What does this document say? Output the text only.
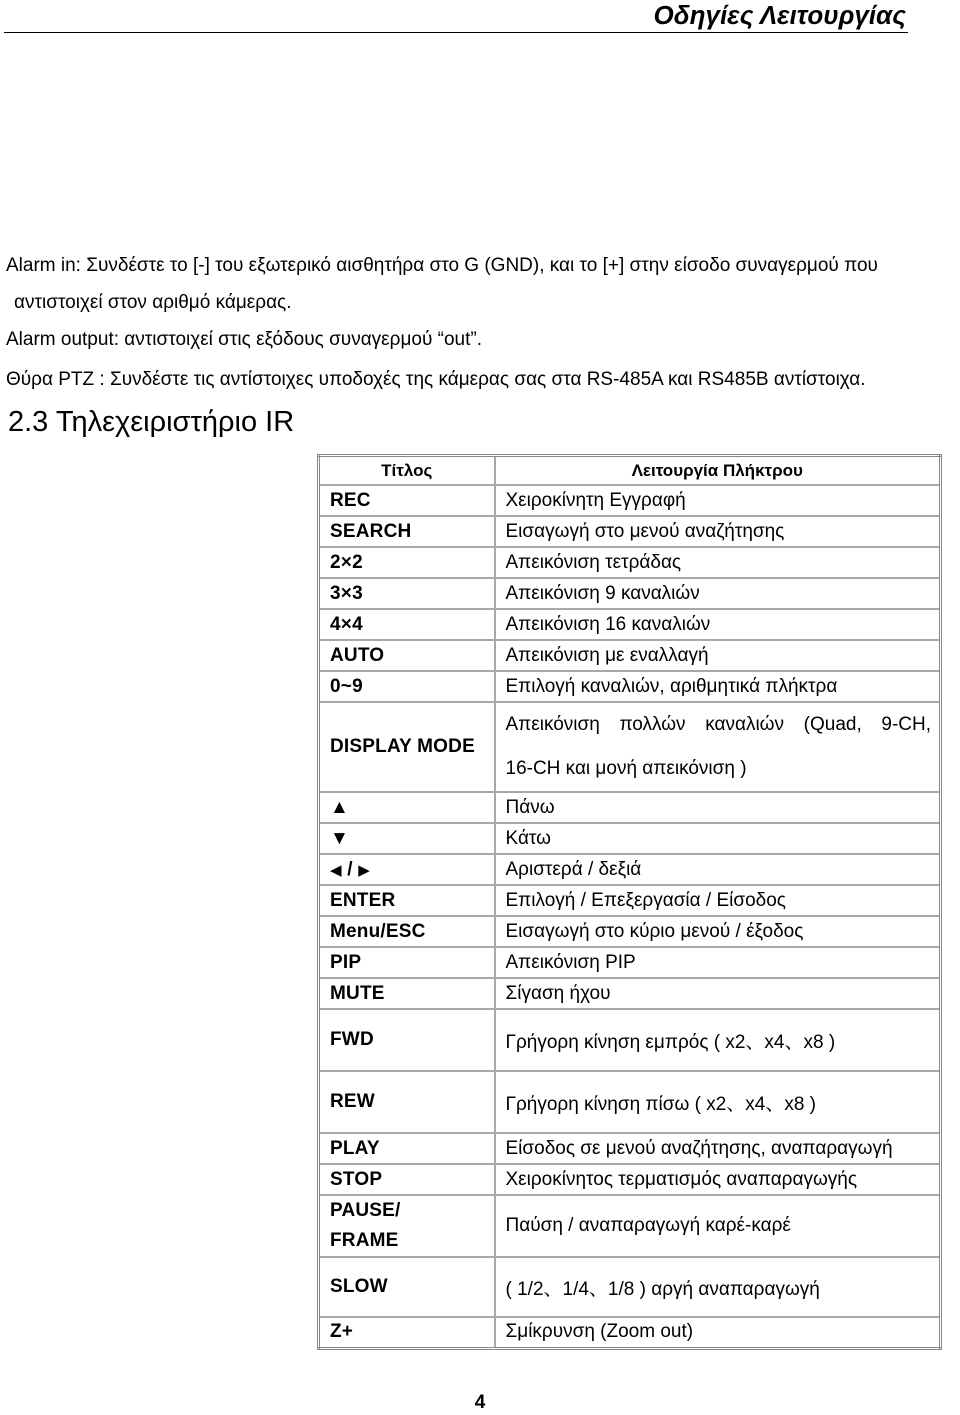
Οδηγίες Λειτουργίας
Alarm in: Συνδέστε το [-] του εξωτερικό αισθητήρα στο G (GND), και το [+] στην είσοδο συναγερμού που
αντιστοιχεί στον αριθμό κάμερας.
Alarm output: αντιστοιχεί στις εξόδους συναγερμού “out”.
Θύρα PTZ : Συνδέστε τις αντίστοιχες υποδοχές της κάμερας σας στα RS-485A και RS485B αντίστοιχα.
2.3 Τηλεχειριστήριο IR
Τίτλος	Λειτουργία Πλήκτρου
REC	Χειροκίνητη Εγγραφή
SEARCH	Εισαγωγή στο μενού αναζήτησης
2×2	Απεικόνιση τετράδας
3×3	Απεικόνιση 9 καναλιών
4×4	Απεικόνιση 16 καναλιών
AUTO	Απεικόνιση με εναλλαγή
0~9	Επιλογή καναλιών, αριθμητικά πλήκτρα
DISPLAY MODE	Απεικόνιση πολλών καναλιών (Quad, 9-CH,
16-CH και μονή απεικόνιση )

▲	Πάνω
▼	Κάτω
◀ / ▶	Αριστερά / δεξιά
ENTER	Επιλογή / Επεξεργασία / Είσοδος
Menu/ESC	Εισαγωγή στο κύριο μενού / έξοδος
PIP	Απεικόνιση PIP
MUTE	Σίγαση ήχου
FWD	Γρήγορη κίνηση εμπρός ( x2、x4、x8 )
REW	Γρήγορη κίνηση πίσω ( x2、x4、x8 )
PLAY	Είσοδος σε μενού αναζήτησης, αναπαραγωγή
STOP	Χειροκίνητος τερματισμός αναπαραγωγής

PAUSE/
FRAME	Παύση / αναπαραγωγή καρέ-καρέ
SLOW	( 1/2、1/4、1/8 ) αργή αναπαραγωγή
Z+	Σμίκρυνση (Zoom out)
4
